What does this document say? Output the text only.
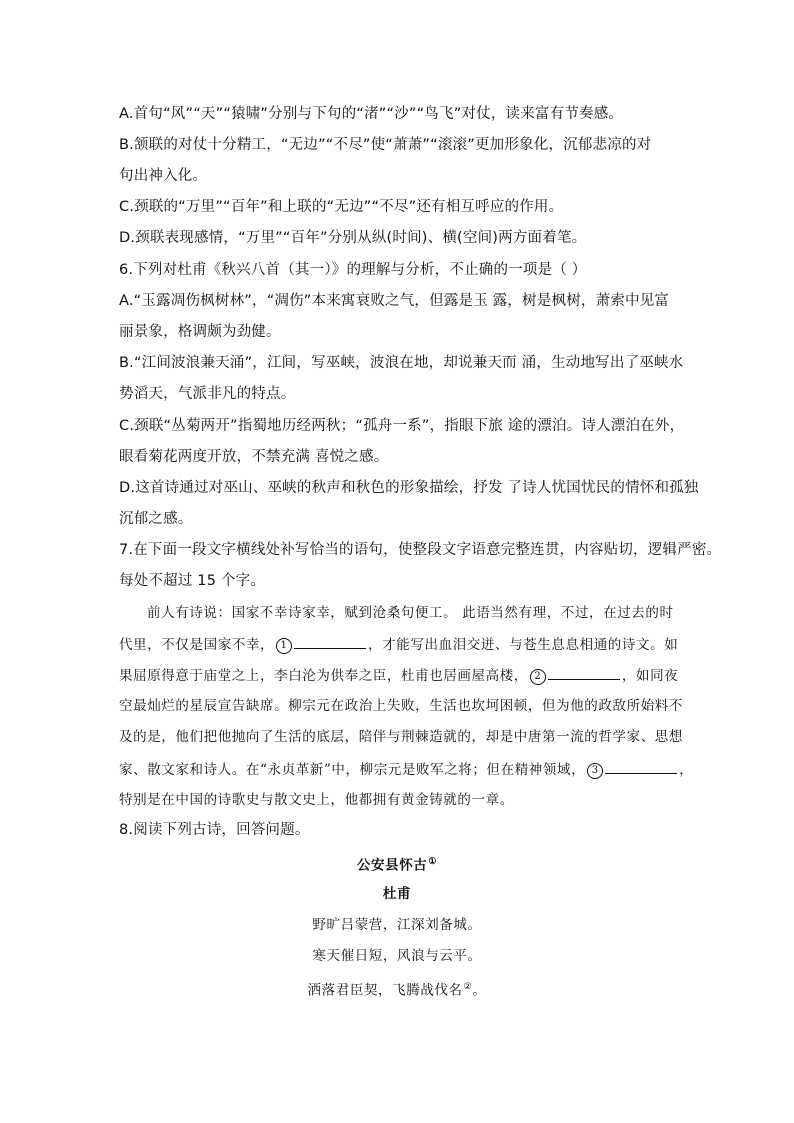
A.首句“风”“天”“猿啸”分别与下句的“渚”“沙”“鸟飞”对仗，读来富有节奏感。
B.颔联的对仗十分精工，“无边”“不尽”使“萧萧”“滚滚”更加形象化，沉郁悲凉的对
句出神入化。
C.颈联的“万里”“百年”和上联的“无边”“不尽”还有相互呼应的作用。
D.颈联表现感情，“万里”“百年”分别从纵(时间)、横(空间)两方面着笔。
6.下列对杜甫《秋兴八首（其一）》的理解与分析，不止确的一项是（ ）
A.“玉露凋伤枫树林”，“凋伤”本来寓衰败之气，但露是玉 露，树是枫树，萧索中见富
丽景象，格调颇为劲健。
B.“江间波浪兼天涌”，江间，写巫峡，波浪在地，却说兼天而 涌，生动地写出了巫峡水
势滔天，气派非凡的特点。
C.颈联“丛菊两开”指蜀地历经两秋；“孤舟一系”，指眼下旅 途的漂泊。诗人漂泊在外，
眼看菊花两度开放，不禁充满 喜悦之感。
D.这首诗通过对巫山、巫峡的秋声和秋色的形象描绘，抒发 了诗人忧国忧民的情怀和孤独
沉郁之感。
7.在下面一段文字横线处补写恰当的语句，使整段文字语意完整连贯，内容贴切，逻辑严密。
每处不超过 15 个字。
前人有诗说：国家不幸诗家幸，赋到沧桑句便工。 此语当然有理，不过，在过去的时
代里，不仅是国家不幸， 1	，才能写出血泪交迸、与苍生息息相通的诗文。如
果屈原得意于庙堂之上，李白沦为供奉之臣，杜甫也居画屋高楼， 2	，如同夜
空最灿烂的星辰宣告缺席。柳宗元在政治上失败，生活也坎坷困顿，但为他的政敌所始料不
及的是，他们把他抛向了生活的底层，陪伴与荆棘造就的，却是中唐第一流的哲学家、思想
家、散文家和诗人。在“永贞革新”中，柳宗元是败军之将；但在精神领域， 3	，
特别是在中国的诗歌史与散文史上，他都拥有黄金铸就的一章。
8.阅读下列古诗，回答问题。
公安县怀古①
杜甫
野旷吕蒙营，江深刘备城。
寒天催日短，风浪与云平。
洒落君臣契，飞腾战伐名②。
